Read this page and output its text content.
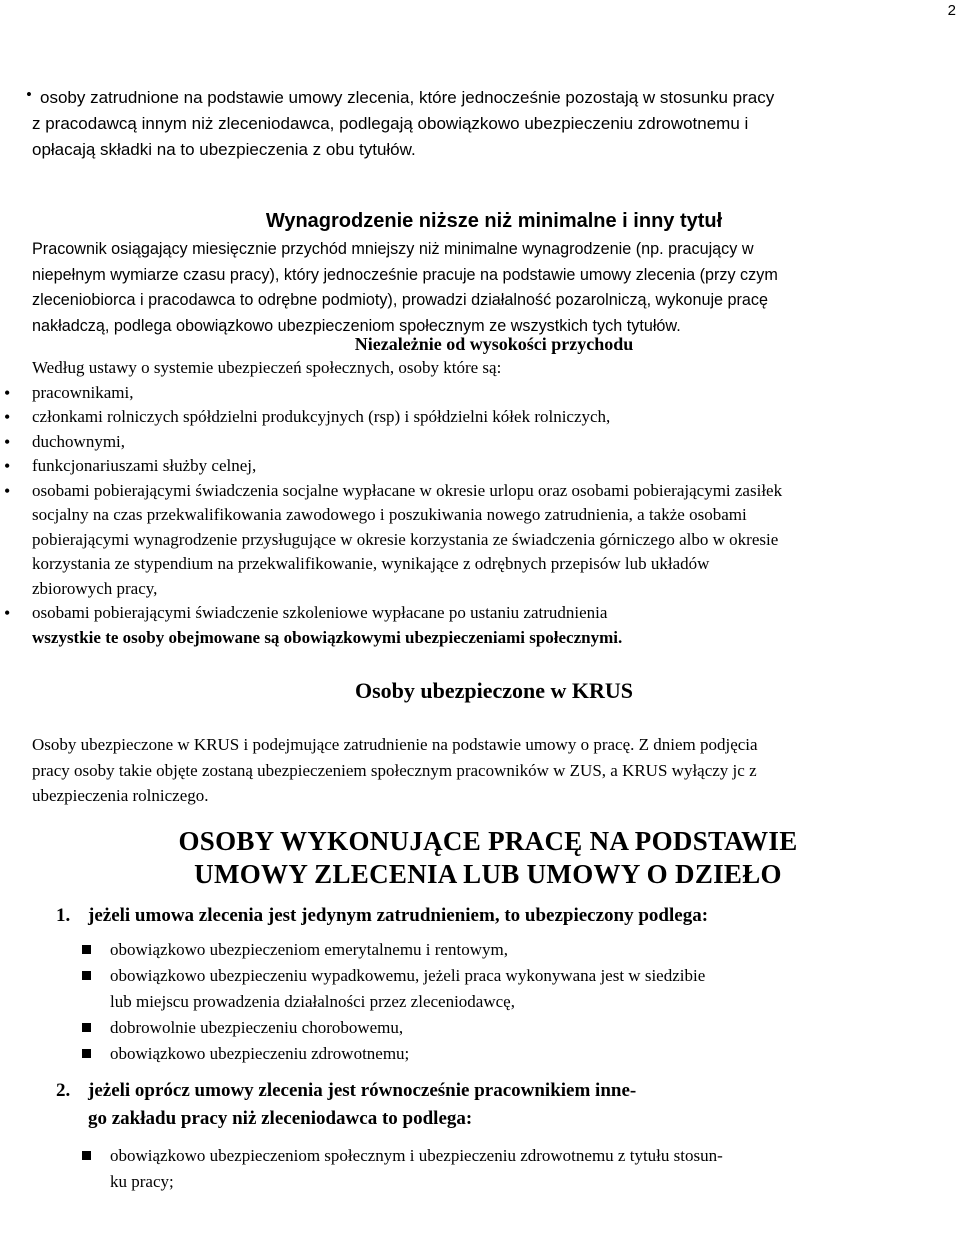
2
• osoby zatrudnione na podstawie umowy zlecenia, które jednocześnie pozostają w stosunku pracy

z pracodawcą innym niż zleceniodawca, podlegają obowiązkowo ubezpieczeniu zdrowotnemu i

opłacają składki na to ubezpieczenia z obu tytułów.

Wynagrodzenie niższe niż minimalne i inny tytuł

Pracownik osiągający miesięcznie przychód mniejszy niż minimalne wynagrodzenie (np. pracujący w

niepełnym wymiarze czasu pracy), który jednocześnie pracuje na podstawie umowy zlecenia (przy czym

zleceniobiorca i pracodawca to odrębne podmioty), prowadzi działalność pozarolniczą, wykonuje pracę

nakładczą, podlega obowiązkowo ubezpieczeniom społecznym ze wszystkich tych tytułów.

Niezależnie od wysokości przychodu

Według ustawy o systemie ubezpieczeń społecznych, osoby które są:

• pracownikami,
• członkami rolniczych spółdzielni produkcyjnych (rsp) i spółdzielni kółek rolniczych,
• duchownymi,
• funkcjonariuszami służby celnej,
• osobami pobierającymi świadczenia socjalne wypłacane w okresie urlopu oraz osobami pobierającymi zasiłek

socjalny na czas przekwalifikowania zawodowego i poszukiwania nowego zatrudnienia, a także osobami

pobierającymi wynagrodzenie przysługujące w okresie korzystania ze świadczenia górniczego albo w okresie

korzystania ze stypendium na przekwalifikowanie, wynikające z odrębnych przepisów lub układów

zbiorowych pracy,

• osobami pobierającymi świadczenie szkoleniowe wypłacane po ustaniu zatrudnienia

wszystkie te osoby obejmowane są obowiązkowymi ubezpieczeniami społecznymi.

Osoby ubezpieczone w KRUS

Osoby ubezpieczone w KRUS i podejmujące zatrudnienie na podstawie umowy o pracę. Z dniem podjęcia

pracy osoby takie objęte zostaną ubezpieczeniem społecznym pracowników w ZUS, a KRUS wyłączy jc z

ubezpieczenia rolniczego.

OSOBY WYKONUJĄCE PRACĘ NA PODSTAWIE

UMOWY ZLECENIA LUB UMOWY O DZIEŁO

1. jeżeli umowa zlecenia jest jedynym zatrudnieniem, to ubezpieczony podlega:
obowiązkowo ubezpieczeniom emerytalnemu i rentowym,

obowiązkowo ubezpieczeniu wypadkowemu, jeżeli praca wykonywana jest w siedzibie

lub miejscu prowadzenia działalności przez zleceniodawcę,

dobrowolnie ubezpieczeniu chorobowemu,
obowiązkowo ubezpieczeniu zdrowotnemu;
2. jeżeli oprócz umowy zlecenia jest równocześnie pracownikiem inne-

go zakładu pracy niż zleceniodawca to podlega:

obowiązkowo ubezpieczeniom społecznym i ubezpieczeniu zdrowotnemu z tytułu stosun-

ku pracy;
